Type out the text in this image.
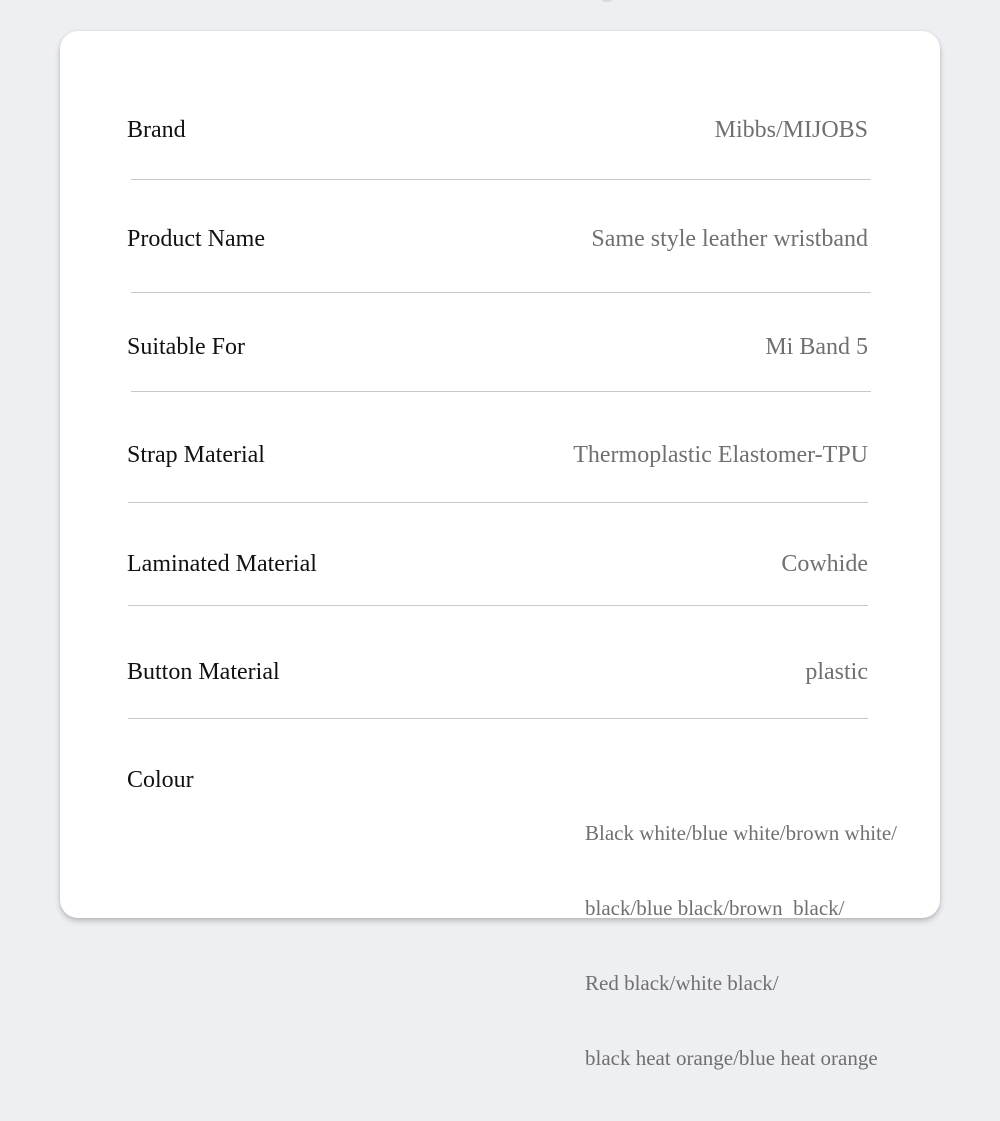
Brand	Mibbs/MIJOBS
Product Name	Same style leather wristband
Suitable For	Mi Band 5
Strap Material	Thermoplastic Elastomer-TPU
Laminated Material	Cowhide
Button Material	plastic
Colour

Black white/blue white/brown white/

black/blue black/brown  black/

Red black/white black/

black heat orange/blue heat orange
